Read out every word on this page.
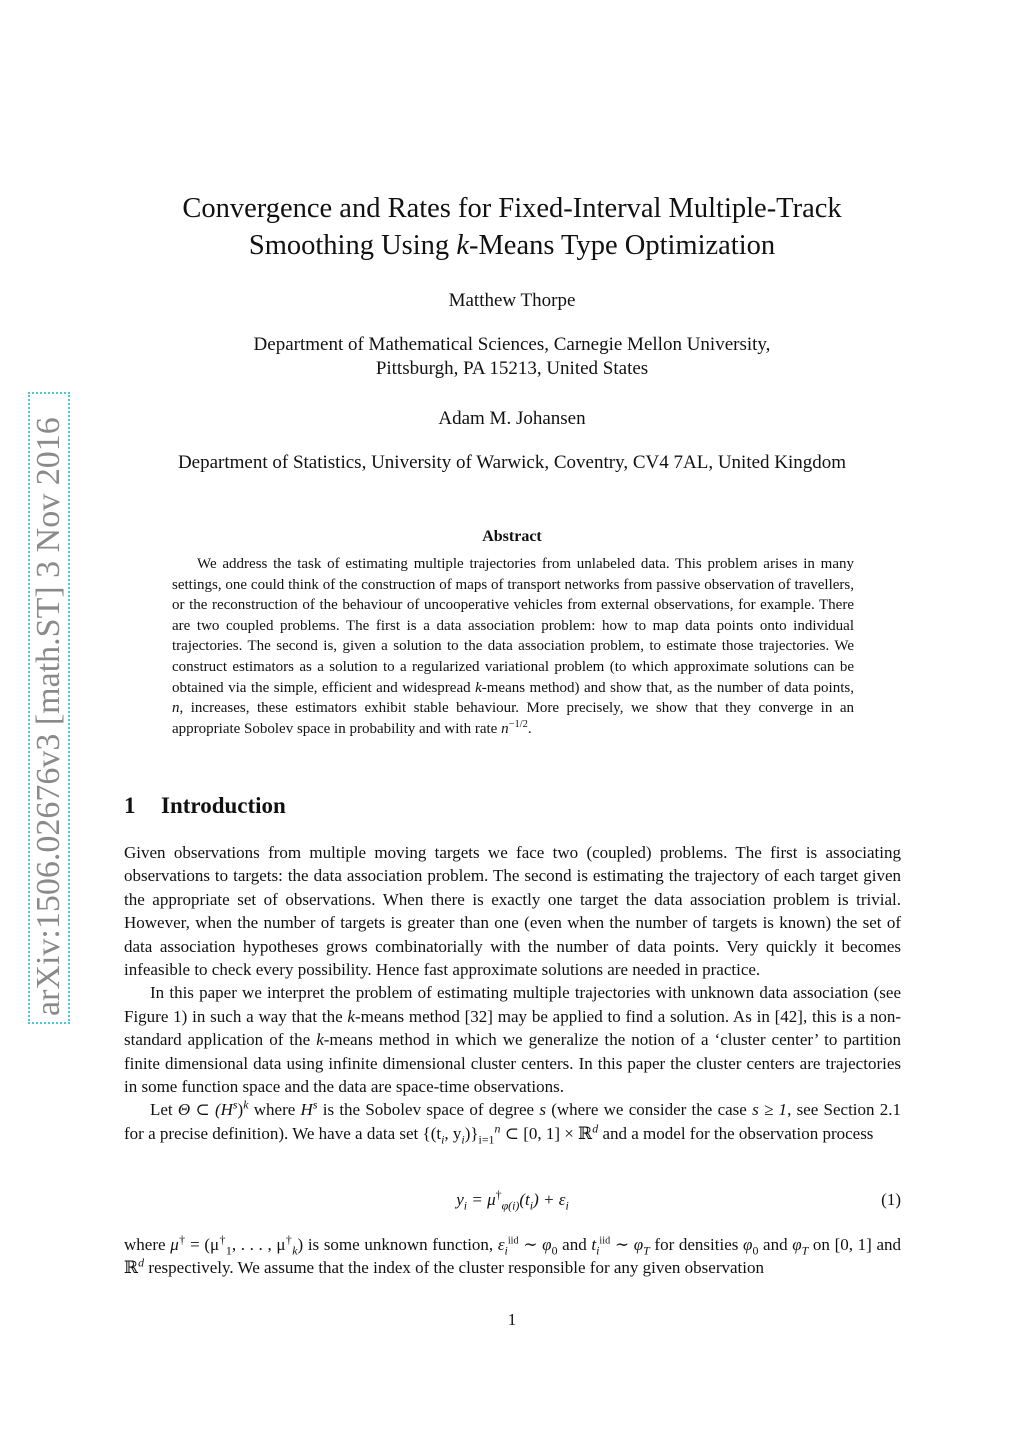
arXiv:1506.02676v3 [math.ST] 3 Nov 2016
Convergence and Rates for Fixed-Interval Multiple-Track
Smoothing Using k-Means Type Optimization
Matthew Thorpe
Department of Mathematical Sciences, Carnegie Mellon University,
Pittsburgh, PA 15213, United States
Adam M. Johansen
Department of Statistics, University of Warwick, Coventry, CV4 7AL, United Kingdom
Abstract
We address the task of estimating multiple trajectories from unlabeled data. This problem arises in many settings, one could think of the construction of maps of transport networks from passive observation of travellers, or the reconstruction of the behaviour of uncooperative vehicles from external observations, for example. There are two coupled problems. The first is a data association problem: how to map data points onto individual trajectories. The second is, given a solution to the data association problem, to estimate those trajectories. We construct estimators as a solution to a regularized variational problem (to which approximate solutions can be obtained via the simple, efficient and widespread k-means method) and show that, as the number of data points, n, increases, these estimators exhibit stable behaviour. More precisely, we show that they converge in an appropriate Sobolev space in probability and with rate $n^{-1/2}$.
1 Introduction

Given observations from multiple moving targets we face two (coupled) problems. The first is associating observations to targets: the data association problem. The second is estimating the trajectory of each target given the appropriate set of observations. When there is exactly one target the data association problem is trivial. However, when the number of targets is greater than one (even when the number of targets is known) the set of data association hypotheses grows combinatorially with the number of data points. Very quickly it becomes infeasible to check every possibility. Hence fast approximate solutions are needed in practice.

In this paper we interpret the problem of estimating multiple trajectories with unknown data association (see Figure 1) in such a way that the k-means method [32] may be applied to find a solution. As in [42], this is a non-standard application of the k-means method in which we generalize the notion of a ‘cluster center’ to partition finite dimensional data using infinite dimensional cluster centers. In this paper the cluster centers are trajectories in some function space and the data are space-time observations.

Let Θ ⊂ $(H^s)^k$ where $H^s$ is the Sobolev space of degree s (where we consider the case s ≥ 1, see Section 2.1 for a precise definition). We have a data set {($t_i$, $y_i)\}_{i=1}^n$ ⊂ [0, 1] × ℝ$^d$ and a model for the observation process

$y_i = \mu^\dagger_{\varphi(i)}(t_i) + \varepsilon_i$	(1)

where $\mu^\dagger = (\mu^\dagger_1$, . . . , $\mu^\dagger_k$) is some unknown function, $\varepsilon_i^{iid}$ ∼ $\varphi_0$ and $t_i^{iid}$ ∼ $\varphi_T$ for densities $\varphi_0$ and $\varphi_T$ on [0, 1] and ℝ$^d$ respectively. We assume that the index of the cluster responsible for any given observation

1
